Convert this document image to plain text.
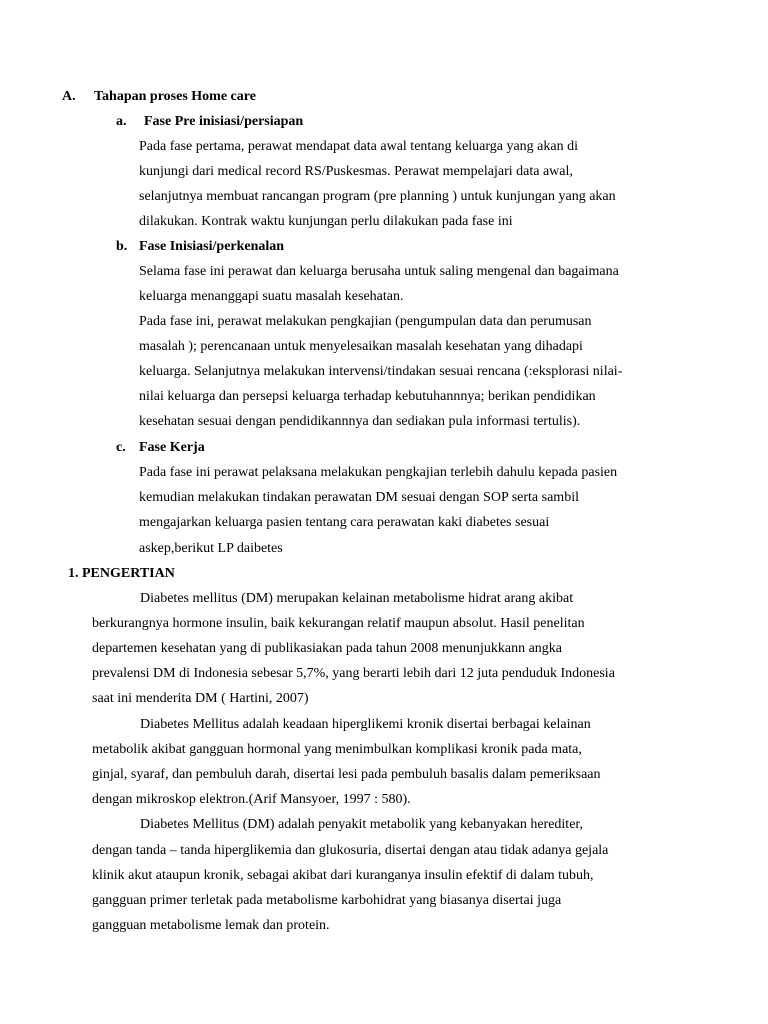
A. Tahapan proses Home care
a. Fase Pre inisiasi/persiapan
Pada fase pertama, perawat mendapat data awal tentang keluarga yang akan di
kunjungi dari medical record RS/Puskesmas. Perawat mempelajari data awal,
selanjutnya membuat rancangan program (pre planning ) untuk kunjungan yang akan
dilakukan. Kontrak waktu kunjungan perlu dilakukan pada fase ini
b. Fase Inisiasi/perkenalan
Selama fase ini perawat dan keluarga berusaha untuk saling mengenal dan bagaimana
keluarga menanggapi suatu masalah kesehatan.
Pada fase ini, perawat melakukan pengkajian (pengumpulan data dan perumusan
masalah ); perencanaan untuk menyelesaikan masalah kesehatan yang dihadapi
keluarga. Selanjutnya melakukan intervensi/tindakan sesuai rencana (:eksplorasi nilai-
nilai keluarga dan persepsi keluarga terhadap kebutuhannnya; berikan pendidikan
kesehatan sesuai dengan pendidikannnya dan sediakan pula informasi tertulis).
c. Fase Kerja
Pada fase ini perawat pelaksana melakukan pengkajian terlebih dahulu kepada pasien
kemudian melakukan tindakan perawatan DM sesuai dengan SOP serta sambil
mengajarkan keluarga pasien tentang cara perawatan kaki diabetes sesuai
askep,berikut LP daibetes
1. PENGERTIAN
Diabetes mellitus (DM) merupakan kelainan metabolisme hidrat arang akibat
berkurangnya hormone insulin, baik kekurangan relatif maupun absolut. Hasil penelitan
departemen kesehatan yang di publikasiakan pada tahun 2008 menunjukkann angka
prevalensi DM di Indonesia sebesar 5,7%, yang berarti lebih dari 12 juta penduduk Indonesia
saat ini menderita DM ( Hartini, 2007)
Diabetes Mellitus adalah keadaan hiperglikemi kronik disertai berbagai kelainan
metabolik akibat gangguan hormonal yang menimbulkan komplikasi kronik pada mata,
ginjal, syaraf, dan pembuluh darah, disertai lesi pada pembuluh basalis dalam pemeriksaan
dengan mikroskop elektron.(Arif Mansyoer, 1997 : 580).
Diabetes Mellitus (DM) adalah penyakit metabolik yang kebanyakan herediter,
dengan tanda – tanda hiperglikemia dan glukosuria, disertai dengan atau tidak adanya gejala
klinik akut ataupun kronik, sebagai akibat dari kuranganya insulin efektif di dalam tubuh,
gangguan primer terletak pada metabolisme karbohidrat yang biasanya disertai juga
gangguan metabolisme lemak dan protein.
